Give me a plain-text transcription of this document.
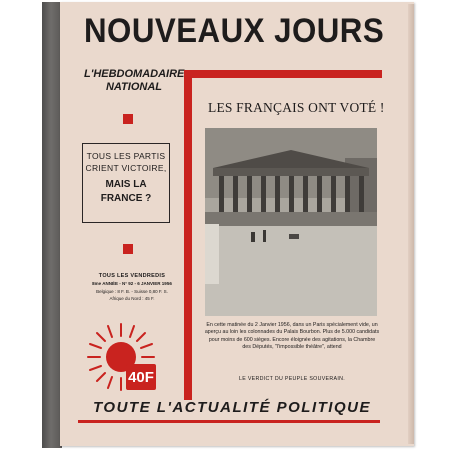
NOUVEAUX JOURS
L'HEBDOMADAIRE
NATIONAL
TOUS LES PARTIS
CRIENT VICTOIRE,
MAIS LA FRANCE ?
TOUS LES VENDREDIS
8me ANNÉE - N° 92 - 6 JANVIER 1956
Belgique : 8 F. B. - Suisse 0,80 F. S.
Afrique du Nord : 45 F.
40F
LES FRANÇAIS ONT VOTÉ !
En cette matinée du 2 Janvier 1956, dans un Paris spécialement vide, un aperçu au loin les colonnades du Palais Bourbon. Plus de 5.000 candidats pour moins de 600 sièges. Encore éloignée des agitations, la Chambre des Députés, "l'impossible théâtre", attend
LE VERDICT DU PEUPLE SOUVERAIN.
TOUTE L'ACTUALITÉ POLITIQUE
